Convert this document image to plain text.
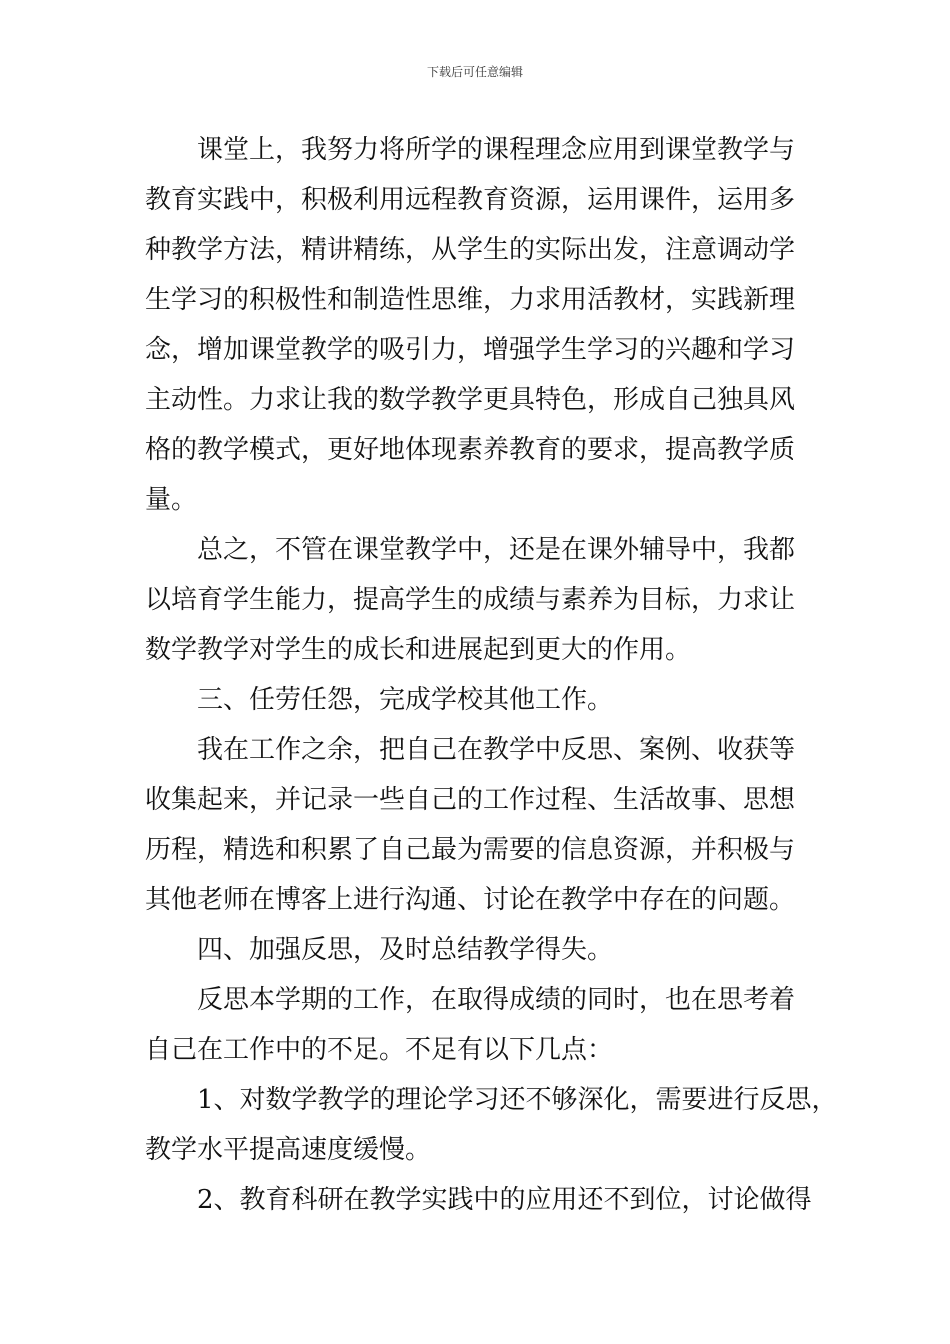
下载后可任意编辑
课堂上，我努力将所学的课程理念应用到课堂教学与
教育实践中，积极利用远程教育资源，运用课件，运用多
种教学方法，精讲精练，从学生的实际出发，注意调动学
生学习的积极性和制造性思维，力求用活教材，实践新理
念，增加课堂教学的吸引力，增强学生学习的兴趣和学习
主动性。力求让我的数学教学更具特色，形成自己独具风
格的教学模式，更好地体现素养教育的要求，提高教学质
量。
总之，不管在课堂教学中，还是在课外辅导中，我都
以培育学生能力，提高学生的成绩与素养为目标，力求让
数学教学对学生的成长和进展起到更大的作用。
三、任劳任怨，完成学校其他工作。
我在工作之余，把自己在教学中反思、案例、收获等
收集起来，并记录一些自己的工作过程、生活故事、思想
历程，精选和积累了自己最为需要的信息资源，并积极与
其他老师在博客上进行沟通、讨论在教学中存在的问题。
四、加强反思，及时总结教学得失。
反思本学期的工作，在取得成绩的同时，也在思考着
自己在工作中的不足。不足有以下几点：
1、对数学教学的理论学习还不够深化，需要进行反思，
教学水平提高速度缓慢。
2、教育科研在教学实践中的应用还不到位，讨论做得
